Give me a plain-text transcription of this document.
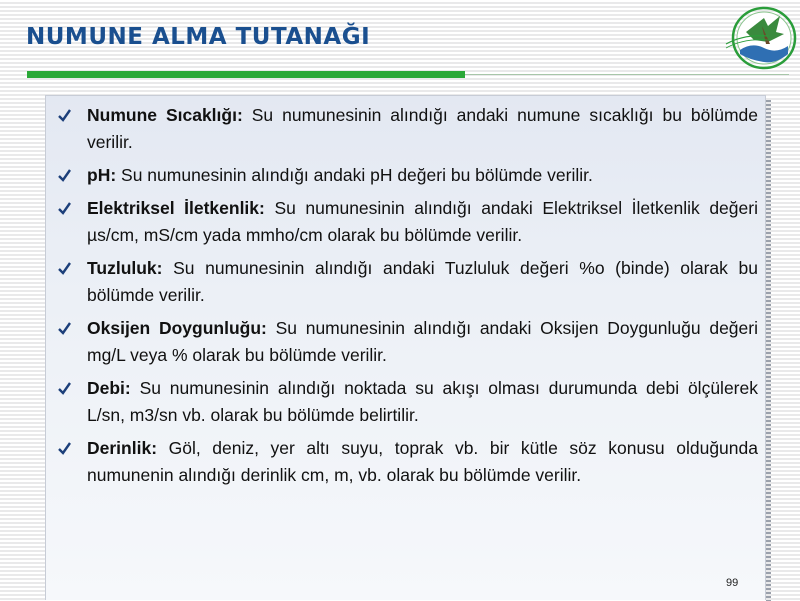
NUMUNE ALMA TUTANAĞI
Numune Sıcaklığı: Su numunesinin alındığı andaki numune sıcaklığı bu bölümde verilir.
pH: Su numunesinin alındığı andaki pH değeri bu bölümde verilir.
Elektriksel İletkenlik: Su numunesinin alındığı andaki Elektriksel İletkenlik değeri µs/cm, mS/cm yada mmho/cm olarak bu bölümde verilir.
Tuzluluk: Su numunesinin alındığı andaki Tuzluluk değeri %o (binde) olarak bu bölümde verilir.
Oksijen Doygunluğu: Su numunesinin alındığı andaki Oksijen Doygunluğu değeri mg/L veya % olarak bu bölümde verilir.
Debi: Su numunesinin alındığı noktada su akışı olması durumunda debi ölçülerek L/sn, m3/sn vb. olarak bu bölümde belirtilir.
Derinlik: Göl, deniz, yer altı suyu, toprak vb. bir kütle söz konusu olduğunda numunenin alındığı derinlik cm, m, vb. olarak bu bölümde verilir.
99
